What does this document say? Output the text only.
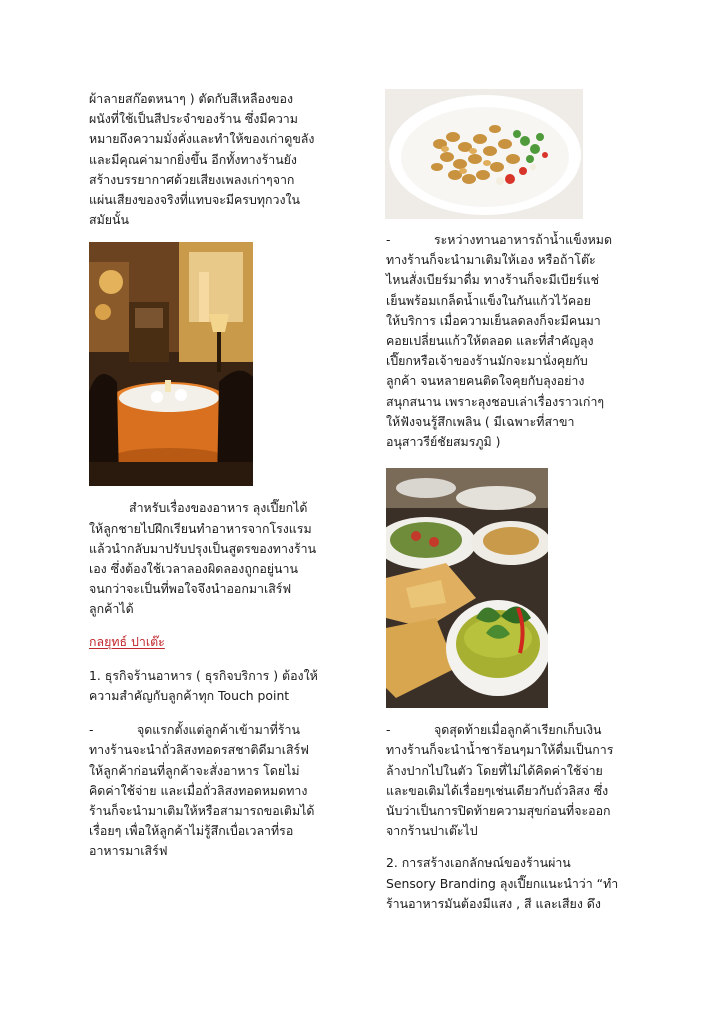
ผ้าลายสก๊อตหนาๆ ) ตัดกับสีเหลืองของ

ผนังที่ใช้เป็นสีประจำของร้าน ซึ่งมีความ

หมายถึงความมั่งคั่งและทำให้ของเก่าดูขลัง

และมีคุณค่ามากยิ่งขึ้น อีกทั้งทางร้านยัง

สร้างบรรยากาศด้วยเสียงเพลงเก่าๆจาก

แผ่นเสียงของจริงที่แทบจะมีครบทุกวงใน

สมัยนั้น

สำหรับเรื่องของอาหาร ลุงเปี๊ยกได้

ให้ลูกชายไปฝึกเรียนทำอาหารจากโรงแรม

แล้วนำกลับมาปรับปรุงเป็นสูตรของทางร้าน

เอง ซึ่งต้องใช้เวลาลองผิดลองถูกอยู่นาน

จนกว่าจะเป็นที่พอใจจึงนำออกมาเสิร์ฟ

ลูกค้าได้

กลยุทธ์ ปาเต๊ะ

1. ธุรกิจร้านอาหาร ( ธุรกิจบริการ ) ต้องให้

ความสำคัญกับลูกค้าทุก Touch point

-	จุดแรกตั้งแต่ลูกค้าเข้ามาที่ร้าน

ทางร้านจะนำถั่วลิสงทอดรสชาติดีมาเสิร์ฟ

ให้ลูกค้าก่อนที่ลูกค้าจะสั่งอาหาร โดยไม่

คิดค่าใช้จ่าย และเมื่อถั่วลิสงทอดหมดทาง

ร้านก็จะนำมาเติมให้หรือสามารถขอเติมได้

เรื่อยๆ เพื่อให้ลูกค้าไม่รู้สึกเบื่อเวลาที่รอ

อาหารมาเสิร์ฟ

-	ระหว่างทานอาหารถ้าน้ำแข็งหมด

ทางร้านก็จะนำมาเติมให้เอง หรือถ้าโต๊ะ

ไหนสั่งเบียร์มาดื่ม ทางร้านก็จะมีเบียร์แช่

เย็นพร้อมเกล็ดน้ำแข็งในกันแก้วไว้คอย

ให้บริการ เมื่อความเย็นลดลงก็จะมีคนมา

คอยเปลี่ยนแก้วให้ตลอด และที่สำคัญลุง

เปี๊ยกหรือเจ้าของร้านมักจะมานั่งคุยกับ

ลูกค้า จนหลายคนติดใจคุยกับลุงอย่าง

สนุกสนาน เพราะลุงชอบเล่าเรื่องราวเก่าๆ

ให้ฟังจนรู้สึกเพลิน ( มีเฉพาะที่สาขา

อนุสาวรีย์ชัยสมรภูมิ )

-	จุดสุดท้ายเมื่อลูกค้าเรียกเก็บเงิน

ทางร้านก็จะนำน้ำชาร้อนๆมาให้ดื่มเป็นการ

ล้างปากไปในตัว โดยที่ไม่ได้คิดค่าใช้จ่าย

และขอเติมได้เรื่อยๆเช่นเดียวกับถั่วลิสง ซึ่ง

นับว่าเป็นการปิดท้ายความสุขก่อนที่จะออก

จากร้านปาเต๊ะไป

2. การสร้างเอกลักษณ์ของร้านผ่าน

Sensory Branding ลุงเปี๊ยกแนะนำว่า “ทำ

ร้านอาหารมันต้องมีแสง , สี และเสียง ดึง
